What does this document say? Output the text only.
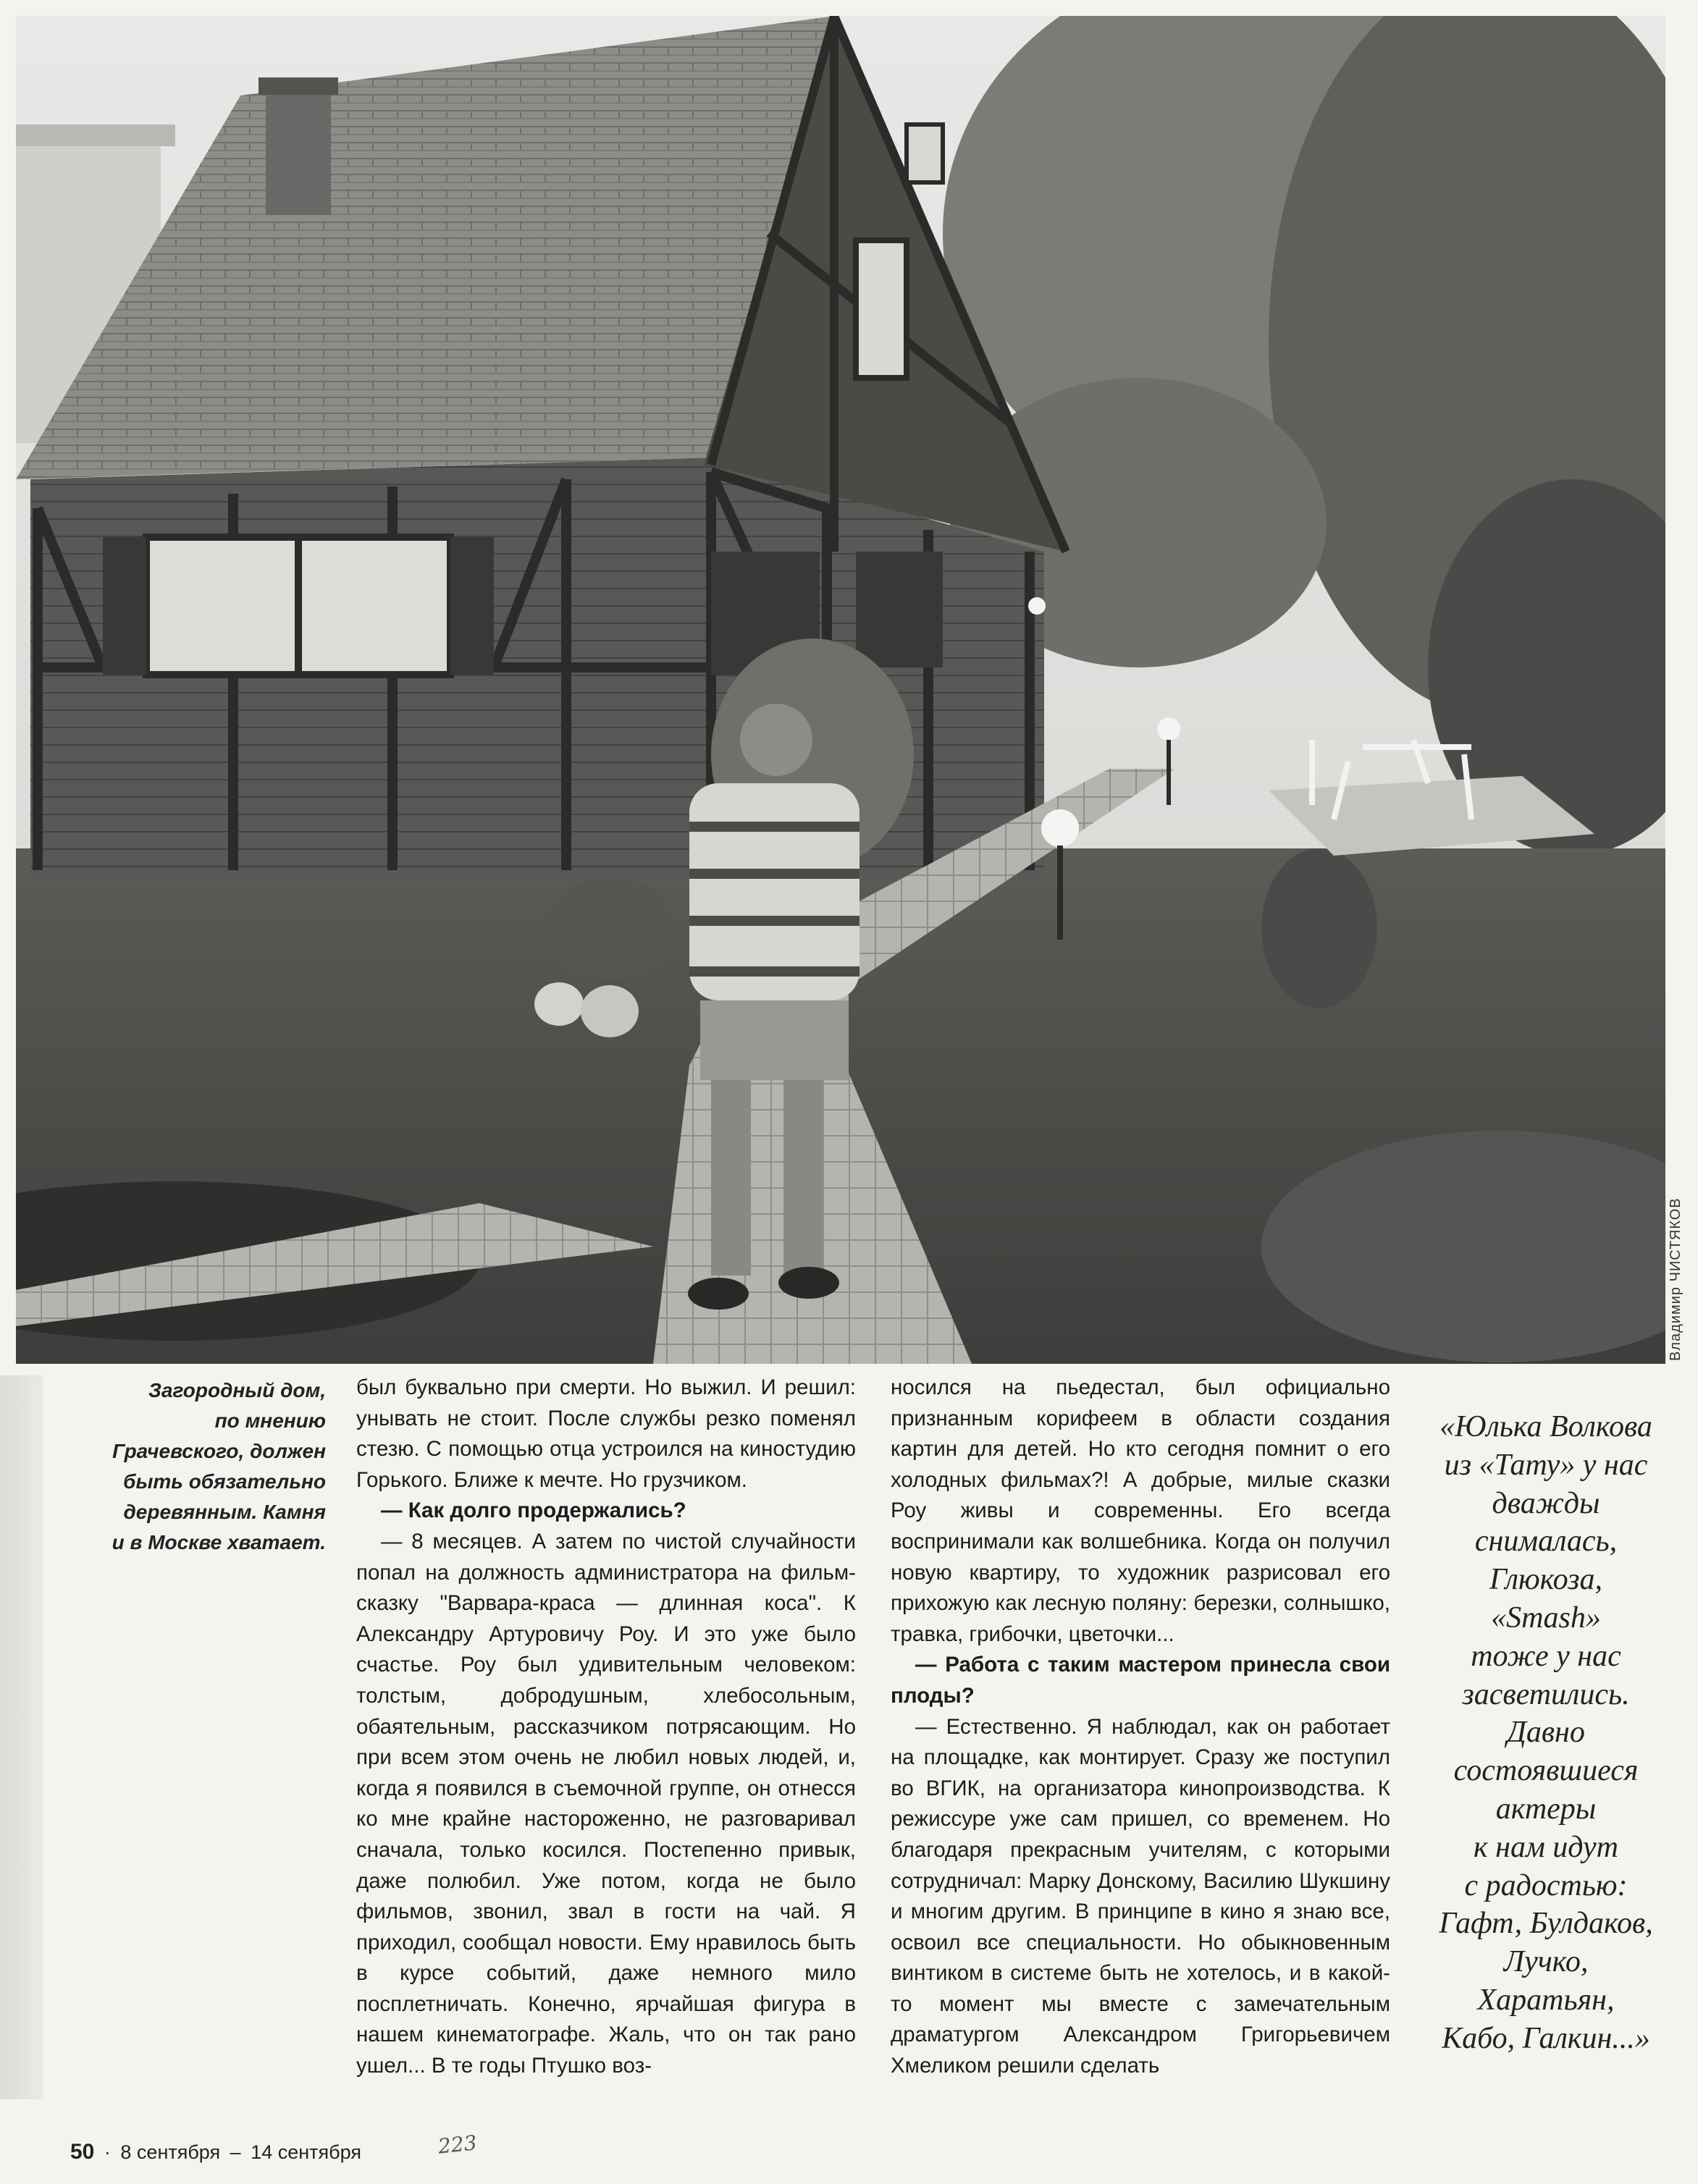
Владимир ЧИСТЯКОВ
Загородный дом,
по мнению
Грачевского, должен
быть обязательно
деревянным. Камня
и в Москве хватает.

был буквально при смерти. Но выжил. И решил: унывать не стоит. После службы резко поменял стезю. С помощью отца устроился на киностудию Горького. Ближе к мечте. Но грузчиком.

— Как долго продержались?

— 8 месяцев. А затем по чистой случайности попал на должность администратора на фильм-сказку "Варвара-краса — длинная коса". К Александру Артуровичу Роу. И это уже было счастье. Роу был удивительным человеком: толстым, добродушным, хлебосольным, обаятельным, рассказчиком потрясающим. Но при всем этом очень не любил новых людей, и, когда я появился в съемочной группе, он отнесся ко мне крайне настороженно, не разговаривал сначала, только косился. Постепенно привык, даже полюбил. Уже потом, когда не было фильмов, звонил, звал в гости на чай. Я приходил, сообщал новости. Ему нравилось быть в курсе событий, даже немного мило посплетничать. Конечно, ярчайшая фигура в нашем кинематографе. Жаль, что он так рано ушел... В те годы Птушко воз-

носился на пьедестал, был официально признанным корифеем в области создания картин для детей. Но кто сегодня помнит о его холодных фильмах?! А добрые, милые сказки Роу живы и современны. Его всегда воспринимали как волшебника. Когда он получил новую квартиру, то художник разрисовал его прихожую как лесную поляну: березки, солнышко, травка, грибочки, цветочки...

— Работа с таким мастером принесла свои плоды?

— Естественно. Я наблюдал, как он работает на площадке, как монтирует. Сразу же поступил во ВГИК, на организатора кинопроизводства. К режиссуре уже сам пришел, со временем. Но благодаря прекрасным учителям, с которыми сотрудничал: Марку Донскому, Василию Шукшину и многим другим. В принципе в кино я знаю все, освоил все специальности. Но обыкновенным винтиком в системе быть не хотелось, и в какой-то момент мы вместе с замечательным драматургом Александром Григорьевичем Хмеликом решили сделать

«Юлька Волкова
из «Тату» у нас
дважды
снималась,
Глюкоза,
«Smash»
тоже у нас
засветились.
Давно
состоявшиеся
актеры
к нам идут
с радостью:
Гафт, Булдаков,
Лучко,
Харатьян,
Кабо, Галкин...»
50 · 8 сентября – 14 сентября	223
